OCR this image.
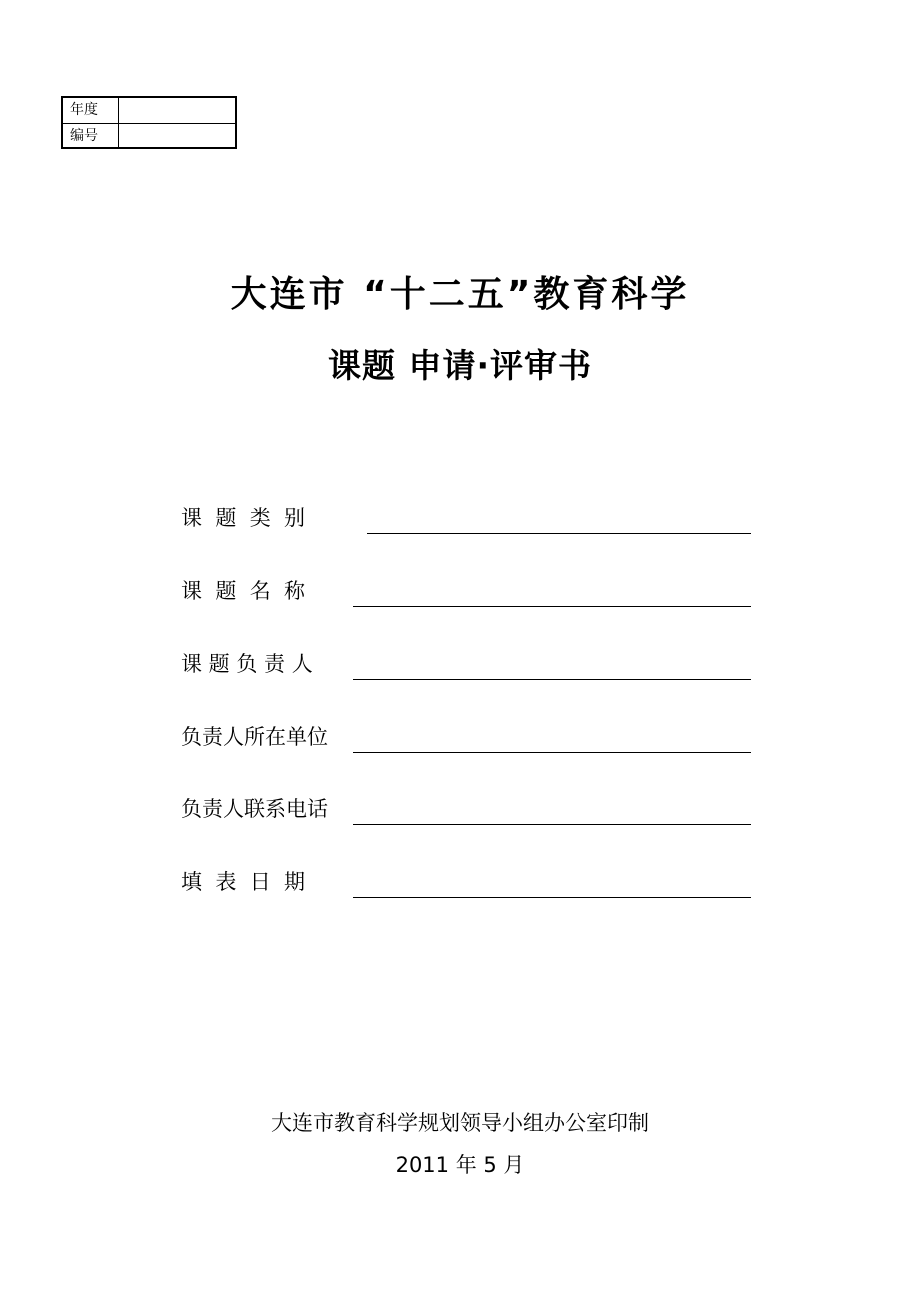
年度
编号
大连市 “十二五”教育科学
课题 申请·评审书
课  题  类  别
课  题  名  称
课 题 负 责 人
负责人所在单位
负责人联系电话
填  表  日  期
大连市教育科学规划领导小组办公室印制
2011 年 5 月
